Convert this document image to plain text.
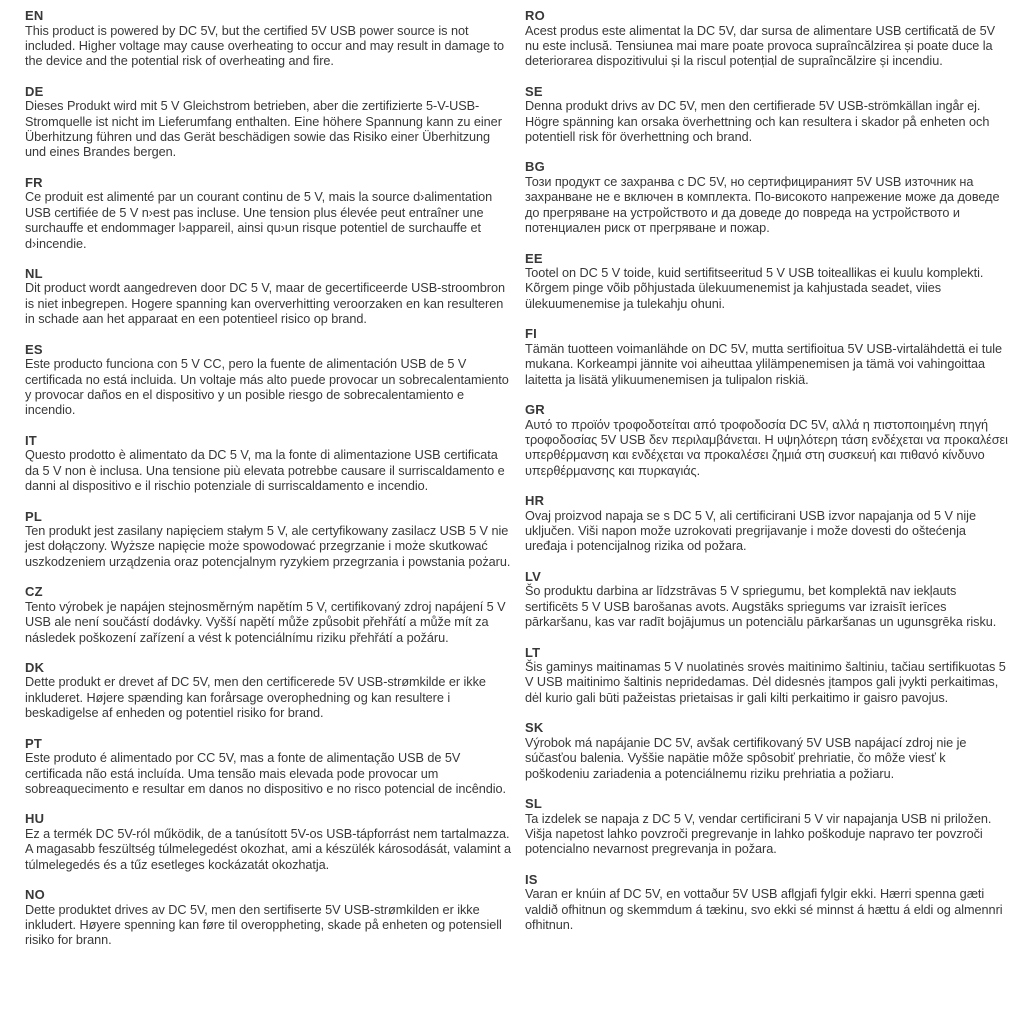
EN

This product is powered by DC 5V, but the certified 5V USB power source is not included. Higher voltage may cause overheating to occur and may result in damage to the device and the potential risk of overheating and fire.

DE

Dieses Produkt wird mit 5 V Gleichstrom betrieben, aber die zertifizierte 5-V-USB-Stromquelle ist nicht im Lieferumfang enthalten. Eine höhere Spannung kann zu einer Überhitzung führen und das Gerät beschädigen sowie das Risiko einer Überhitzung und eines Brandes bergen.

FR

Ce produit est alimenté par un courant continu de 5 V, mais la source d›alimentation USB certifiée de 5 V n›est pas incluse. Une tension plus élevée peut entraîner une surchauffe et endommager l›appareil, ainsi qu›un risque potentiel de surchauffe et d›incendie.

NL

Dit product wordt aangedreven door DC 5 V, maar de gecertificeerde USB-stroombron is niet inbegrepen. Hogere spanning kan oververhitting veroorzaken en kan resulteren in schade aan het apparaat en een potentieel risico op brand.

ES

Este producto funciona con 5 V CC, pero la fuente de alimentación USB de 5 V certificada no está incluida. Un voltaje más alto puede provocar un sobrecalentamiento y provocar daños en el dispositivo y un posible riesgo de sobrecalentamiento e incendio.

IT

Questo prodotto è alimentato da DC 5 V, ma la fonte di alimentazione USB certificata da 5 V non è inclusa. Una tensione più elevata potrebbe causare il surriscaldamento e danni al dispositivo e il rischio potenziale di surriscaldamento e incendio.

PL

Ten produkt jest zasilany napięciem stałym 5 V, ale certyfikowany zasilacz USB 5 V nie jest dołączony. Wyższe napięcie może spowodować przegrzanie i może skutkować uszkodzeniem urządzenia oraz potencjalnym ryzykiem przegrzania i powstania pożaru.

CZ

Tento výrobek je napájen stejnosměrným napětím 5 V, certifikovaný zdroj napájení 5 V USB ale není součástí dodávky. Vyšší napětí může způsobit přehřátí a může mít za následek poškození zařízení a vést k potenciálnímu riziku přehřátí a požáru.

DK

Dette produkt er drevet af DC 5V, men den certificerede 5V USB-strømkilde er ikke inkluderet. Højere spænding kan forårsage overophedning og kan resultere i beskadigelse af enheden og potentiel risiko for brand.

PT

Este produto é alimentado por CC 5V, mas a fonte de alimentação USB de 5V certificada não está incluída. Uma tensão mais elevada pode provocar um sobreaquecimento e resultar em danos no dispositivo e no risco potencial de incêndio.

HU

Ez a termék DC 5V-ról működik, de a tanúsított 5V-os USB-tápforrást nem tartalmazza. A magasabb feszültség túlmelegedést okozhat, ami a készülék károsodását, valamint a túlmelegedés és a tűz esetleges kockázatát okozhatja.

NO

Dette produktet drives av DC 5V, men den sertifiserte 5V USB-strømkilden er ikke inkludert. Høyere spenning kan føre til overoppheting, skade på enheten og potensiell risiko for brann.

RO

Acest produs este alimentat la DC 5V, dar sursa de alimentare USB certificată de 5V nu este inclusă. Tensiunea mai mare poate provoca supraîncălzirea și poate duce la deteriorarea dispozitivului și la riscul potențial de supraîncălzire și incendiu.

SE

Denna produkt drivs av DC 5V, men den certifierade 5V USB-strömkällan ingår ej. Högre spänning kan orsaka överhettning och kan resultera i skador på enheten och potentiell risk för överhettning och brand.

BG

Този продукт се захранва с DC 5V, но сертифицираният 5V USB източник на захранване не е включен в комплекта. По-високото напрежение може да доведе до прегряване на устройството и да доведе до повреда на устройството и потенциален риск от прегряване и пожар.

EE

Tootel on DC 5 V toide, kuid sertifitseeritud 5 V USB toiteallikas ei kuulu komplekti. Kõrgem pinge võib põhjustada ülekuumenemist ja kahjustada seadet, viies ülekuumenemise ja tulekahju ohuni.

FI

Tämän tuotteen voimanlähde on DC 5V, mutta sertifioitua 5V USB-virtalähdettä ei tule mukana. Korkeampi jännite voi aiheuttaa ylilämpenemisen ja tämä voi vahingoittaa laitetta ja lisätä ylikuumenemisen ja tulipalon riskiä.

GR

Αυτό το προϊόν τροφοδοτείται από τροφοδοσία DC 5V, αλλά η πιστοποιημένη πηγή τροφοδοσίας 5V USB δεν περιλαμβάνεται. Η υψηλότερη τάση ενδέχεται να προκαλέσει υπερθέρμανση και ενδέχεται να προκαλέσει ζημιά στη συσκευή και πιθανό κίνδυνο υπερθέρμανσης και πυρκαγιάς.

HR

Ovaj proizvod napaja se s DC 5 V, ali certificirani USB izvor napajanja od 5 V nije uključen. Viši napon može uzrokovati pregrijavanje i može dovesti do oštećenja uređaja i potencijalnog rizika od požara.

LV

Šo produktu darbina ar līdzstrāvas 5 V spriegumu, bet komplektā nav iekļauts sertificēts 5 V USB barošanas avots. Augstāks spriegums var izraisīt ierīces pārkaršanu, kas var radīt bojājumus un potenciālu pārkaršanas un ugunsgrēka risku.

LT

Šis gaminys maitinamas 5 V nuolatinės srovės maitinimo šaltiniu, tačiau sertifikuotas 5 V USB maitinimo šaltinis nepridedamas. Dėl didesnės įtampos gali įvykti perkaitimas, dėl kurio gali būti pažeistas prietaisas ir gali kilti perkaitimo ir gaisro pavojus.

SK

Výrobok má napájanie DC 5V, avšak certifikovaný 5V USB napájací zdroj nie je súčasťou balenia. Vyššie napätie môže spôsobiť prehriatie, čo môže viesť k poškodeniu zariadenia a potenciálnemu riziku prehriatia a požiaru.

SL

Ta izdelek se napaja z DC 5 V, vendar certificirani 5 V vir napajanja USB ni priložen. Višja napetost lahko povzroči pregrevanje in lahko poškoduje napravo ter povzroči potencialno nevarnost pregrevanja in požara.

IS

Varan er knúin af DC 5V, en vottaður 5V USB aflgjafi fylgir ekki. Hærri spenna gæti valdið ofhitnun og skemmdum á tækinu, svo ekki sé minnst á hættu á eldi og almennri ofhitnun.
